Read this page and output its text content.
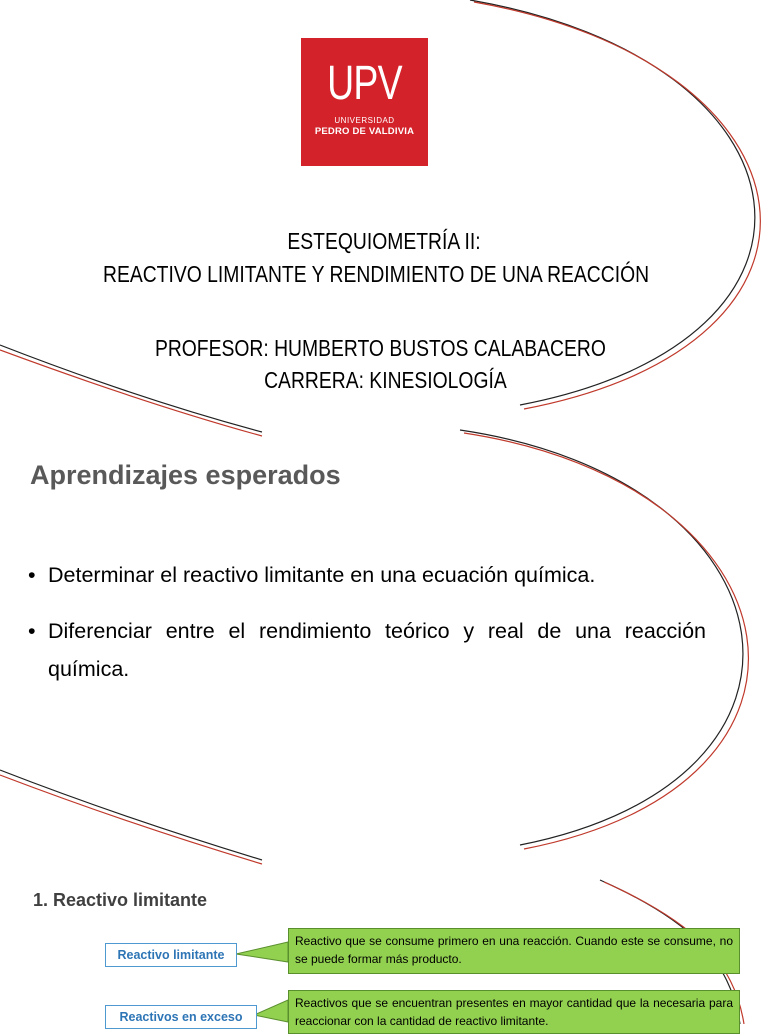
UPV
UNIVERSIDAD
PEDRO DE VALDIVIA
ESTEQUIOMETRÍA II:
REACTIVO LIMITANTE Y RENDIMIENTO DE UNA REACCIÓN
PROFESOR: HUMBERTO BUSTOS CALABACERO
CARRERA: KINESIOLOGÍA
Aprendizajes esperados
• Determinar el reactivo limitante en una ecuación química.
• Diferenciar entre el rendimiento teórico y real de una reacción química.
1. Reactivo limitante
Reactivo limitante
Reactivo que se consume primero en una reacción. Cuando este se consume, no se puede formar más producto.
Reactivos en exceso
Reactivos que se encuentran presentes en mayor cantidad que la necesaria para reaccionar con la cantidad de reactivo limitante.
